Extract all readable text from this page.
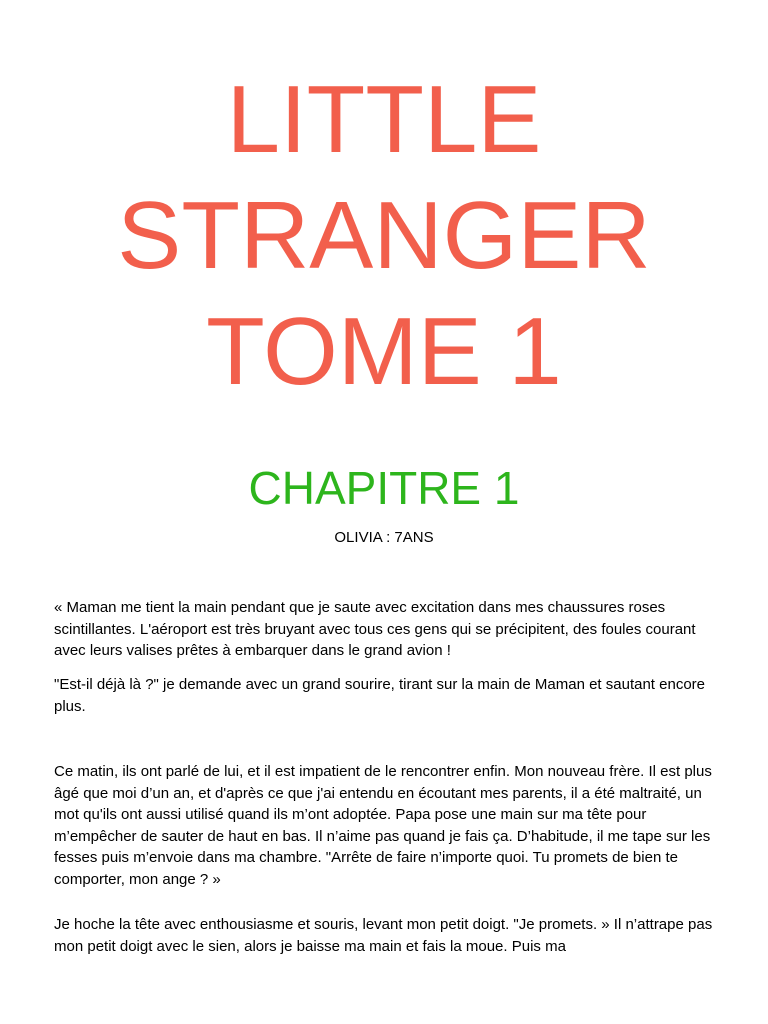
LITTLE
STRANGER
TOME 1
CHAPITRE 1

OLIVIA : 7ANS

« Maman me tient la main pendant que je saute avec excitation dans mes chaussures roses scintillantes. L'aéroport est très bruyant avec tous ces gens qui se précipitent, des foules courant avec leurs valises prêtes à embarquer dans le grand avion !

"Est-il déjà là ?" je demande avec un grand sourire, tirant sur la main de Maman et sautant encore plus.

Ce matin, ils ont parlé de lui, et il est impatient de le rencontrer enfin. Mon nouveau frère. Il est plus âgé que moi d’un an, et d'après ce que j'ai entendu en écoutant mes parents, il a été maltraité, un mot qu'ils ont aussi utilisé quand ils m’ont adoptée. Papa pose une main sur ma tête pour m’empêcher de sauter de haut en bas. Il n’aime pas quand je fais ça. D’habitude, il me tape sur les fesses puis m’envoie dans ma chambre. "Arrête de faire n’importe quoi. Tu promets de bien te comporter, mon ange ? »

Je hoche la tête avec enthousiasme et souris, levant mon petit doigt. "Je promets. » Il n’attrape pas mon petit doigt avec le sien, alors je baisse ma main et fais la moue. Puis ma
